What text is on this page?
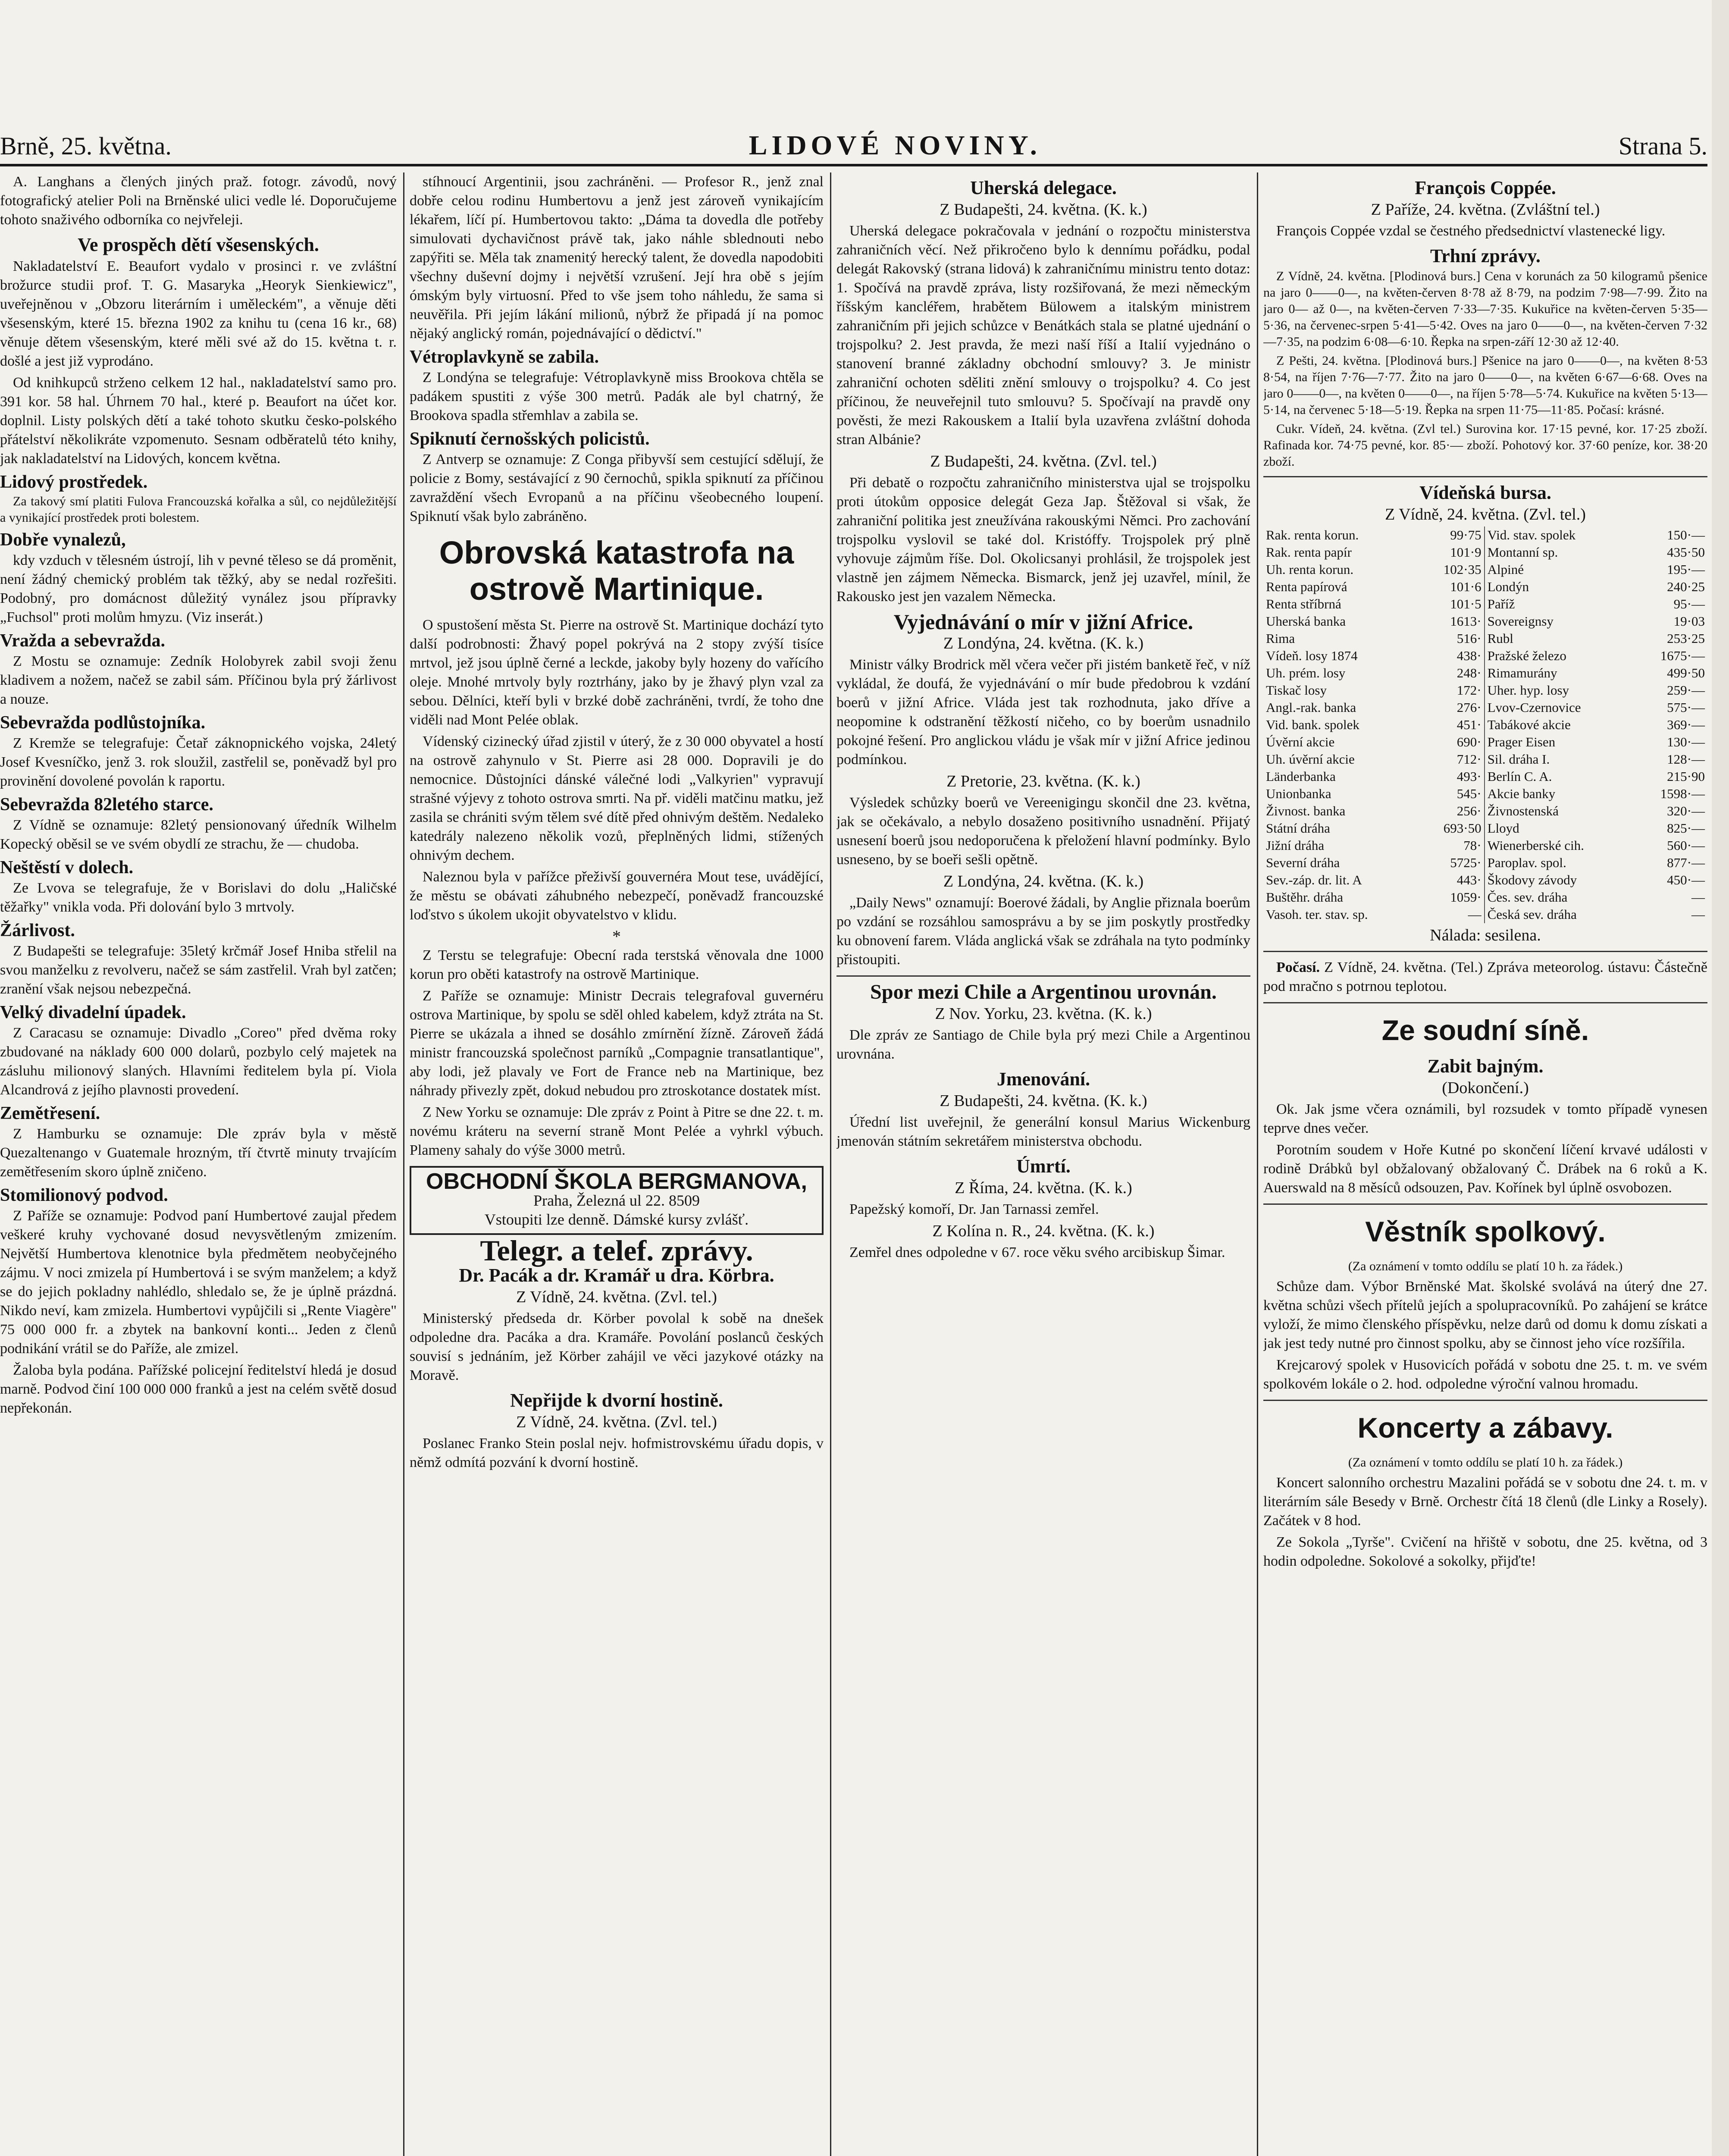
Brně, 25. května.	LIDOVÉ NOVINY.	Strana 5.

A. Langhans a člených jiných praž. fotogr. závodů, nový fotografický atelier Poli na Brněnské ulici vedle lé. Doporučujeme tohoto snaživého odborníka co nejvřeleji.

Ve prospěch dětí všesenských.

Nakladatelství E. Beaufort vydalo v prosinci r. ve zvláštní brožurce studii prof. T. G. Masaryka „Heoryk Sienkiewicz", uveřejněnou v „Obzoru literárním i uměleckém", a věnuje děti všesenským, které 15. března 1902 za knihu tu (cena 16 kr., 68) věnuje dětem všesenským, které měli své až do 15. května t. r. došlé a jest již vyprodáno.

Od knihkupců strženo celkem 12 hal., nakladatelství samo pro. 391 kor. 58 hal. Úhrnem 70 hal., které p. Beaufort na účet kor. doplnil. Listy polských dětí a také tohoto skutku česko-polského přátelství několikráte vzpomenuto. Sesnam odběratelů této knihy, jak nakladatelství na Lidových, koncem května.

Lidový prostředek.

Za takový smí platiti Fulova Francouzská kořalka a sůl, co nejdůležitější a vynikající prostředek proti bolestem.

Dobře vynalezů,

kdy vzduch v tělesném ústrojí, lih v pevné těleso se dá proměnit, není žádný chemický problém tak těžký, aby se nedal rozřešiti. Podobný, pro domácnost důležitý vynález jsou přípravky „Fuchsol" proti molům hmyzu. (Viz inserát.)

Vražda a sebevražda.

Z Mostu se oznamuje: Zedník Holobyrek zabil svoji ženu kladivem a nožem, načež se zabil sám. Příčinou byla prý žárlivost a nouze.

Sebevražda podlůstojníka.

Z Kremže se telegrafuje: Četař záknopnického vojska, 24letý Josef Kvesníčko, jenž 3. rok sloužil, zastřelil se, poněvadž byl pro provinění dovolené povolán k raportu.

Sebevražda 82letého starce.

Z Vídně se oznamuje: 82letý pensionovaný úředník Wilhelm Kopecký oběsil se ve svém obydlí ze strachu, že — chudoba.

Neštěstí v dolech.

Ze Lvova se telegrafuje, že v Borislavi do dolu „Haličské těžařky" vnikla voda. Při dolování bylo 3 mrtvoly.

Žárlivost.

Z Budapešti se telegrafuje: 35letý krčmář Josef Hniba střelil na svou manželku z revolveru, načež se sám zastřelil. Vrah byl zatčen; zranění však nejsou nebezpečná.

Velký divadelní úpadek.

Z Caracasu se oznamuje: Divadlo „Coreo" před dvěma roky zbudované na náklady 600 000 dolarů, pozbylo celý majetek na zásluhu milionový slaných. Hlavními ředitelem byla pí. Viola Alcandrová z jejího plavnosti provedení.

Zemětřesení.

Z Hamburku se oznamuje: Dle zpráv byla v městě Quezaltenango v Guatemale hrozným, tří čtvrtě minuty trvajícím zemětřesením skoro úplně zničeno.

Stomilionový podvod.

Z Paříže se oznamuje: Podvod paní Humbertové zaujal předem veškeré kruhy vychované dosud nevysvětleným zmizením. Největší Humbertova klenotnice byla předmětem neobyčejného zájmu. V noci zmizela pí Humbertová i se svým manželem; a když se do jejich pokladny nahlédlo, shledalo se, že je úplně prázdná. Nikdo neví, kam zmizela. Humbertovi vypůjčili si „Rente Viagère" 75 000 000 fr. a zbytek na bankovní konti... Jeden z členů podnikání vrátil se do Paříže, ale zmizel.

Žaloba byla podána. Pařížské policejní ředitelství hledá je dosud marně. Podvod činí 100 000 000 franků a jest na celém světě dosud nepřekonán.

stíhnoucí Argentinii, jsou zachráněni. — Profesor R., jenž znal dobře celou rodinu Humbertovu a jenž jest zároveň vynikajícím lékařem, líčí pí. Humbertovou takto: „Dáma ta dovedla dle potřeby simulovati dychavičnost právě tak, jako náhle sblednouti nebo zapýřiti se. Měla tak znamenitý herecký talent, že dovedla napodobiti všechny duševní dojmy i největší vzrušení. Její hra obě s jejím ómským byly virtuosní. Před to vše jsem toho náhledu, že sama si neuvěřila. Při jejím lákání milionů, nýbrž že připadá jí na pomoc nějaký anglický román, pojednávající o dědictví."

Vétroplavkyně se zabila.

Z Londýna se telegrafuje: Vétroplavkyně miss Brookova chtěla se padákem spustiti z výše 300 metrů. Padák ale byl chatrný, že Brookova spadla střemhlav a zabila se.

Spiknutí černošských policistů.

Z Antverp se oznamuje: Z Conga přibyvší sem cestující sdělují, že policie z Bomy, sestávající z 90 černochů, spikla spiknutí za příčinou zavraždění všech Evropanů a na příčinu všeobecného loupení. Spiknutí však bylo zabráněno.

Obrovská katastrofa na ostrově Martinique.

O spustošení města St. Pierre na ostrově St. Martinique dochází tyto další podrobnosti: Žhavý popel pokrývá na 2 stopy zvýší tisíce mrtvol, jež jsou úplně černé a leckde, jakoby byly hozeny do vařícího oleje. Mnohé mrtvoly byly roztrhány, jako by je žhavý plyn vzal za sebou. Dělníci, kteří byli v brzké době zachráněni, tvrdí, že toho dne viděli nad Mont Pelée oblak.

Vídenský cizinecký úřad zjistil v úterý, že z 30 000 obyvatel a hostí na ostrově zahynulo v St. Pierre asi 28 000. Dopravili je do nemocnice. Důstojníci dánské válečné lodi „Valkyrien" vypravují strašné výjevy z tohoto ostrova smrti. Na př. viděli matčinu matku, jež zasila se chrániti svým tělem své dítě před ohnivým deštěm. Nedaleko katedrály nalezeno několik vozů, přeplněných lidmi, stížených ohnivým dechem.

Naleznou byla v pařížce přeživší gouvernéra Mout tese, uvádějící, že městu se obávati záhubného nebezpečí, poněvadž francouzské loďstvo s úkolem ukojit obyvatelstvo v klidu.

*

Z Terstu se telegrafuje: Obecní rada terstská věnovala dne 1000 korun pro oběti katastrofy na ostrově Martinique.

Z Paříže se oznamuje: Ministr Decrais telegrafoval guvernéru ostrova Martinique, by spolu se sděl ohled kabelem, když ztráta na St. Pierre se ukázala a ihned se dosáhlo zmírnění žízně. Zároveň žádá ministr francouzská společnost parníků „Compagnie transatlantique", aby lodi, jež plavaly ve Fort de France neb na Martinique, bez náhrady přivezly zpět, dokud nebudou pro ztroskotance dostatek míst.

Z New Yorku se oznamuje: Dle zpráv z Point à Pitre se dne 22. t. m. novému kráteru na severní straně Mont Pelée a vyhrkl výbuch. Plameny sahaly do výše 3000 metrů.

OBCHODNÍ ŠKOLA BERGMANOVA,
Praha, Železná ul 22. 8509
Vstoupiti lze denně. Dámské kursy zvlášť.
Telegr. a telef. zprávy.
Dr. Pacák a dr. Kramář u dra. Körbra.
Z Vídně, 24. května. (Zvl. tel.)

Ministerský předseda dr. Körber povolal k sobě na dnešek odpoledne dra. Pacáka a dra. Kramáře. Povolání poslanců českých souvisí s jednáním, jež Körber zahájil ve věci jazykové otázky na Moravě.

Nepřijde k dvorní hostině.
Z Vídně, 24. května. (Zvl. tel.)

Poslanec Franko Stein poslal nejv. hofmistrovskému úřadu dopis, v němž odmítá pozvání k dvorní hostině.

Uherská delegace.
Z Budapešti, 24. května. (K. k.)

Uherská delegace pokračovala v jednání o rozpočtu ministerstva zahraničních věcí. Než přikročeno bylo k dennímu pořádku, podal delegát Rakovský (strana lidová) k zahraničnímu ministru tento dotaz: 1. Spočívá na pravdě zpráva, listy rozšiřovaná, že mezi německým říšským kancléřem, hrabětem Bülowem a italským ministrem zahraničním při jejich schůzce v Benátkách stala se platné ujednání o trojspolku? 2. Jest pravda, že mezi naší říší a Italií vyjednáno o stanovení branné základny obchodní smlouvy? 3. Je ministr zahraniční ochoten sděliti znění smlouvy o trojspolku? 4. Co jest příčinou, že neuveřejnil tuto smlouvu? 5. Spočívají na pravdě ony pověsti, že mezi Rakouskem a Italií byla uzavřena zvláštní dohoda stran Albánie?

Z Budapešti, 24. května. (Zvl. tel.)

Při debatě o rozpočtu zahraničního ministerstva ujal se trojspolku proti útokům opposice delegát Geza Jap. Štěžoval si však, že zahraniční politika jest zneužívána rakouskými Němci. Pro zachování trojspolku vyslovil se také dol. Kristóffy. Trojspolek prý plně vyhovuje zájmům říše. Dol. Okolicsanyi prohlásil, že trojspolek jest vlastně jen zájmem Německa. Bismarck, jenž jej uzavřel, mínil, že Rakousko jest jen vazalem Německa.

Vyjednávání o mír v jižní Africe.
Z Londýna, 24. května. (K. k.)

Ministr války Brodrick měl včera večer při jistém banketě řeč, v níž vykládal, že doufá, že vyjednávání o mír bude předobrou k vzdání boerů v jižní Africe. Vláda jest tak rozhodnuta, jako dříve a neopomine k odstranění těžkostí ničeho, co by boerům usnadnilo pokojné řešení. Pro anglickou vládu je však mír v jižní Africe jedinou podmínkou.

Z Pretorie, 23. května. (K. k.)

Výsledek schůzky boerů ve Vereenigingu skončil dne 23. května, jak se očekávalo, a nebylo dosaženo positivního usnadnění. Přijatý usnesení boerů jsou nedoporučena k přeložení hlavní podmínky. Bylo usneseno, by se boeři sešli opětně.

Z Londýna, 24. května. (K. k.)

„Daily News" oznamují: Boerové žádali, by Anglie přiznala boerům po vzdání se rozsáhlou samosprávu a by se jim poskytly prostředky ku obnovení farem. Vláda anglická však se zdráhala na tyto podmínky přistoupiti.

Spor mezi Chile a Argentinou urovnán.
Z Nov. Yorku, 23. května. (K. k.)

Dle zpráv ze Santiago de Chile byla prý mezi Chile a Argentinou urovnána.

Jmenování.
Z Budapešti, 24. května. (K. k.)

Úřední list uveřejnil, že generální konsul Marius Wickenburg jmenován státním sekretářem ministerstva obchodu.

Úmrtí.
Z Říma, 24. května. (K. k.)

Papežský komoří, Dr. Jan Tarnassi zemřel.

Z Kolína n. R., 24. května. (K. k.)

Zemřel dnes odpoledne v 67. roce věku svého arcibiskup Šimar.

François Coppée.
Z Paříže, 24. května. (Zvláštní tel.)

François Coppée vzdal se čestného předsednictví vlastenecké ligy.

Trhní zprávy.

Z Vídně, 24. května. [Plodinová burs.] Cena v korunách za 50 kilogramů pšenice na jaro 0——0—, na květen-červen 8·78 až 8·79, na podzim 7·98—7·99. Žito na jaro 0— až 0—, na květen-červen 7·33—7·35. Kukuřice na květen-červen 5·35—5·36, na červenec-srpen 5·41—5·42. Oves na jaro 0——0—, na květen-červen 7·32—7·35, na podzim 6·08—6·10. Řepka na srpen-září 12·30 až 12·40.

Z Pešti, 24. května. [Plodinová burs.] Pšenice na jaro 0——0—, na květen 8·53 8·54, na říjen 7·76—7·77. Žito na jaro 0——0—, na květen 6·67—6·68. Oves na jaro 0——0—, na květen 0——0—, na říjen 5·78—5·74. Kukuřice na květen 5·13—5·14, na červenec 5·18—5·19. Řepka na srpen 11·75—11·85. Počasí: krásné.

Cukr. Vídeň, 24. května. (Zvl tel.) Surovina kor. 17·15 pevné, kor. 17·25 zboží. Rafinada kor. 74·75 pevné, kor. 85·— zboží. Pohotový kor. 37·60 peníze, kor. 38·20 zboží.

Vídeňská bursa.
Z Vídně, 24. května. (Zvl. tel.)
Rak. renta korun.	99·75	Vid. stav. spolek	150·—
Rak. renta papír	101·9	Montanní sp.	435·50
Uh. renta korun.	102·35	Alpiné	195·—
Renta papírová	101·6	Londýn	240·25
Renta stříbrná	101·5	Paříž	95·—
Uherská banka	1613·	Sovereignsy	19·03
Rima	516·	Rubl	253·25
Vídeň. losy 1874	438·	Pražské železo	1675·—
Uh. prém. losy	248·	Rimamurány	499·50
Tiskač losy	172·	Uher. hyp. losy	259·—
Angl.-rak. banka	276·	Lvov-Czernovice	575·—
Vid. bank. spolek	451·	Tabákové akcie	369·—
Úvěrní akcie	690·	Prager Eisen	130·—
Uh. úvěrní akcie	712·	Sil. dráha I.	128·—
Länderbanka	493·	Berlín C. A.	215·90
Unionbanka	545·	Akcie banky	1598·—
Živnost. banka	256·	Živnostenská	320·—
Státní dráha	693·50	Lloyd	825·—
Jižní dráha	78·	Wienerberské cih.	560·—
Severní dráha	5725·	Paroplav. spol.	877·—
Sev.-záp. dr. lit. A	443·	Škodovy závody	450·—
Buštěhr. dráha	1059·	Čes. sev. dráha	—
Vasoh. ter. stav. sp.	—	Česká sev. dráha	—
Nálada: sesilena.

Počasí. Z Vídně, 24. května. (Tel.) Zpráva meteorolog. ústavu: Částečně pod mračno s potrnou teplotou.

Ze soudní síně.
Zabit bajným.
(Dokončení.)

Ok. Jak jsme včera oznámili, byl rozsudek v tomto případě vynesen teprve dnes večer.

Porotním soudem v Hoře Kutné po skončení líčení krvavé události v rodině Drábků byl obžalovaný obžalovaný Č. Drábek na 6 roků a K. Auerswald na 8 měsíců odsouzen, Pav. Kořínek byl úplně osvobozen.

Věstník spolkový.
(Za oznámení v tomto oddílu se platí 10 h. za řádek.)

Schůze dam. Výbor Brněnské Mat. školské svolává na úterý dne 27. května schůzi všech přítelů jejích a spolupracovníků. Po zahájení se krátce vyloží, že mimo členského příspěvku, nelze darů od domu k domu získati a jak jest tedy nutné pro činnost spolku, aby se činnost jeho více rozšířila.

Krejcarový spolek v Husovicích pořádá v sobotu dne 25. t. m. ve svém spolkovém lokále o 2. hod. odpoledne výroční valnou hromadu.

Koncerty a zábavy.
(Za oznámení v tomto oddílu se platí 10 h. za řádek.)

Koncert salonního orchestru Mazalini pořádá se v sobotu dne 24. t. m. v literárním sále Besedy v Brně. Orchestr čítá 18 členů (dle Linky a Rosely). Začátek v 8 hod.

Ze Sokola „Tyrše". Cvičení na hřiště v sobotu, dne 25. května, od 3 hodin odpoledne. Sokolové a sokolky, přijďte!
